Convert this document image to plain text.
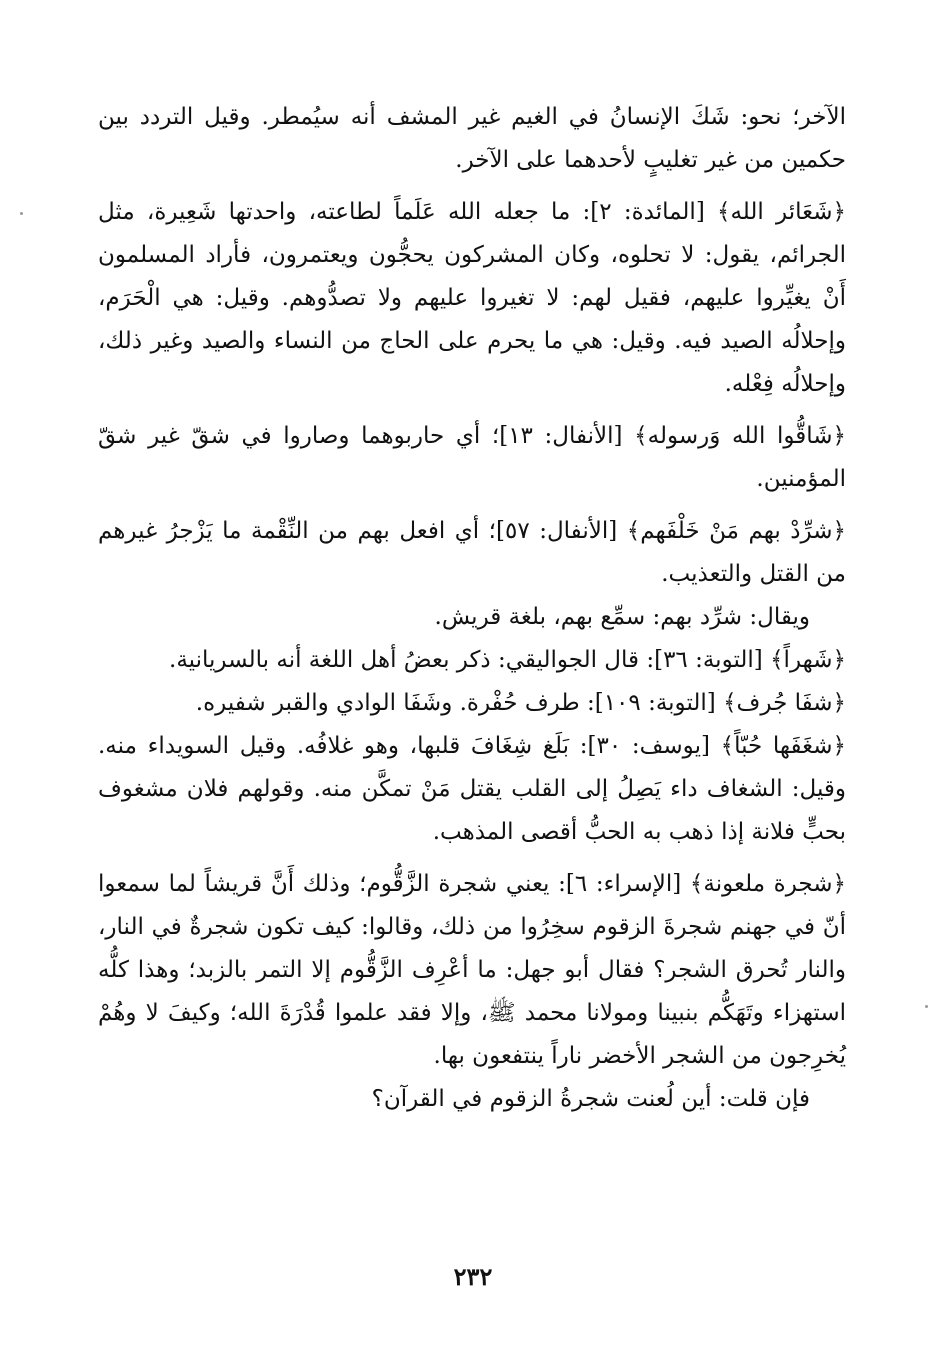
الآخر؛ نحو: شَكَ الإنسانُ في الغيم غير المشف أنه سيُمطر. وقيل التردد بين حكمين من غير تغليبٍ لأحدهما على الآخر.

﴿شَعَائر الله﴾ [المائدة: ٢]: ما جعله الله عَلَماً لطاعته، واحدتها شَعِيرة، مثل الجرائم، يقول: لا تحلوه، وكان المشركون يحجُّون ويعتمرون، فأراد المسلمون أَنْ يغيِّروا عليهم، فقيل لهم: لا تغيروا عليهم ولا تصدُّوهم. وقيل: هي الْحَرَم، وإحلالُه الصيد فيه. وقيل: هي ما يحرم على الحاج من النساء والصيد وغير ذلك، وإحلالُه فِعْله.

﴿شَاقُّوا الله وَرسوله﴾ [الأنفال: ١٣]؛ أي حاربوهما وصاروا في شقّ غير شقّ المؤمنين.

﴿شرِّدْ بهم مَنْ خَلْفَهم﴾ [الأنفال: ٥٧]؛ أي افعل بهم من النِّقْمة ما يَزْجرُ غيرهم من القتل والتعذيب.

ويقال: شرِّد بهم: سمِّع بهم، بلغة قريش.

﴿شَهراً﴾ [التوبة: ٣٦]: قال الجواليقي: ذكر بعضُ أهل اللغة أنه بالسريانية.

﴿شفَا جُرف﴾ [التوبة: ١٠٩]: طرف حُفْرة. وشَفَا الوادي والقبر شفيره.

﴿شغَفَها حُبّاً﴾ [يوسف: ٣٠]: بَلَغ شِغَافَ قلبها، وهو غلافُه. وقيل السويداء منه. وقيل: الشغاف داء يَصِلُ إلى القلب يقتل مَنْ تمكَّن منه. وقولهم فلان مشغوف بحبٍّ فلانة إذا ذهب به الحبُّ أقصى المذهب.

﴿شجرة ملعونة﴾ [الإسراء: ٦]: يعني شجرة الزَّقُّوم؛ وذلك أَنَّ قريشاً لما سمعوا أنّ في جهنم شجرةَ الزقوم سخِرُوا من ذلك، وقالوا: كيف تكون شجرةٌ في النار، والنار تُحرق الشجر؟ فقال أبو جهل: ما أعْرِف الزَّقُّوم إلا التمر بالزبد؛ وهذا كلُّه استهزاء وتَهَكُّم بنبينا ومولانا محمد ﷺ، وإلا فقد علموا قُدْرَةَ الله؛ وكيفَ لا وهُمْ يُخرِجون من الشجر الأخضر ناراً ينتفعون بها.

فإن قلت: أين لُعنت شجرةُ الزقوم في القرآن؟

٢٣٢
